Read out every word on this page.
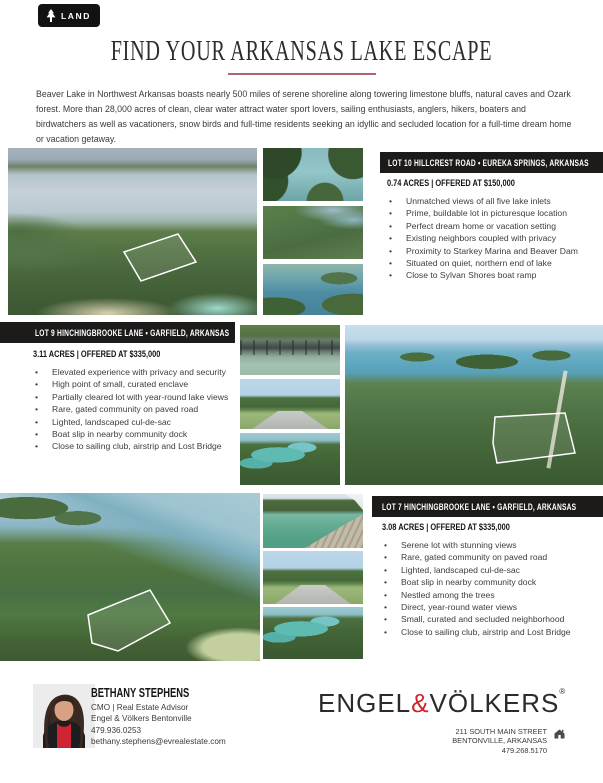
LAND
FIND YOUR ARKANSAS LAKE ESCAPE

Beaver Lake in Northwest Arkansas boasts nearly 500 miles of serene shoreline along towering limestone bluffs, natural caves and Ozark forest. More than 28,000 acres of clean, clear water attract water sport lovers, sailing enthusiasts, anglers, hikers, boaters and birdwatchers as well as vacationers, snow birds and full-time residents seeking an idyllic and secluded location for a full-time dream home or vacation getaway.

LOT 10 HILLCREST ROAD • EUREKA SPRINGS, ARKANSAS
0.74 ACRES | OFFERED AT $150,000
• Unmatched views of all five lake inlets
• Prime, buildable lot in picturesque location
• Perfect dream home or vacation setting
• Existing neighbors coupled with privacy
• Proximity to Starkey Marina and Beaver Dam
• Situated on quiet, northern end of lake
• Close to Sylvan Shores boat ramp
LOT 9 HINCHINGBROOKE LANE • GARFIELD, ARKANSAS
3.11 ACRES | OFFERED AT $335,000
• Elevated experience with privacy and security
• High point of small, curated enclave
• Partially cleared lot with year-round lake views
• Rare, gated community on paved road
• Lighted, landscaped cul-de-sac
• Boat slip in nearby community dock
• Close to sailing club, airstrip and Lost Bridge
LOT 7 HINCHINGBROOKE LANE • GARFIELD, ARKANSAS
3.08 ACRES | OFFERED AT $335,000
• Serene lot with stunning views
• Rare, gated community on paved road
• Lighted, landscaped cul-de-sac
• Boat slip in nearby community dock
• Nestled among the trees
• Direct, year-round water views
• Small, curated and secluded neighborhood
• Close to sailing club, airstrip and Lost Bridge
BETHANY STEPHENS
CMO | Real Estate Advisor
Engel & Völkers Bentonville
479.936.0253
bethany.stephens@evrealestate.com
ENGEL&VÖLKERS®
211 SOUTH MAIN STREET
BENTONVILLE, ARKANSAS
479.268.5170
